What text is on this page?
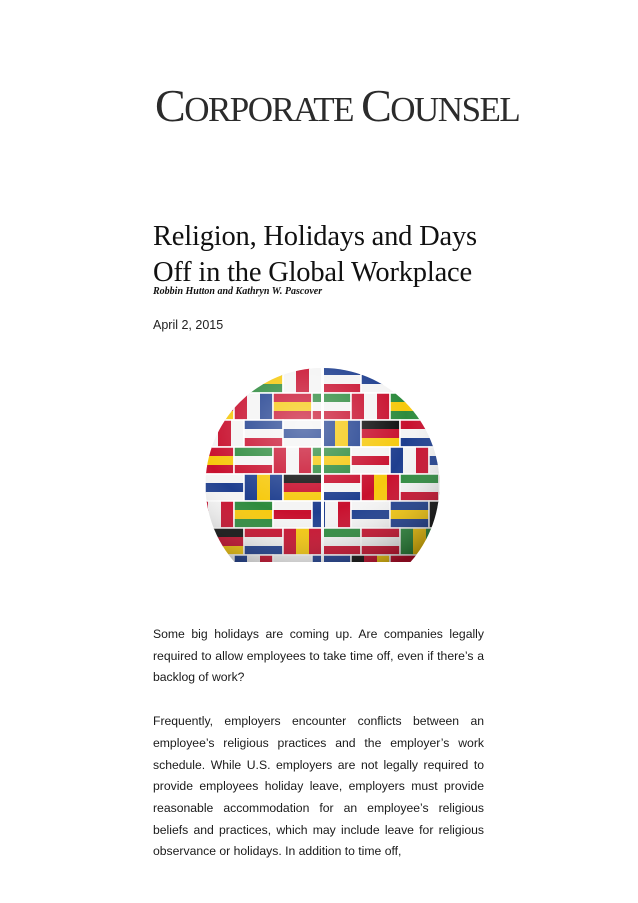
CORPORATE COUNSEL
Religion, Holidays and Days Off in the Global Workplace

Robbin Hutton and Kathryn W. Pascover

April 2, 2015

Some big holidays are coming up. Are companies legally required to allow employees to take time off, even if there’s a backlog of work?

Frequently, employers encounter conflicts between an employee’s religious practices and the employer’s work schedule. While U.S. employers are not legally required to provide employees holiday leave, employers must provide reasonable accommodation for an employee’s religious beliefs and practices, which may include leave for religious observance or holidays. In addition to time off,
